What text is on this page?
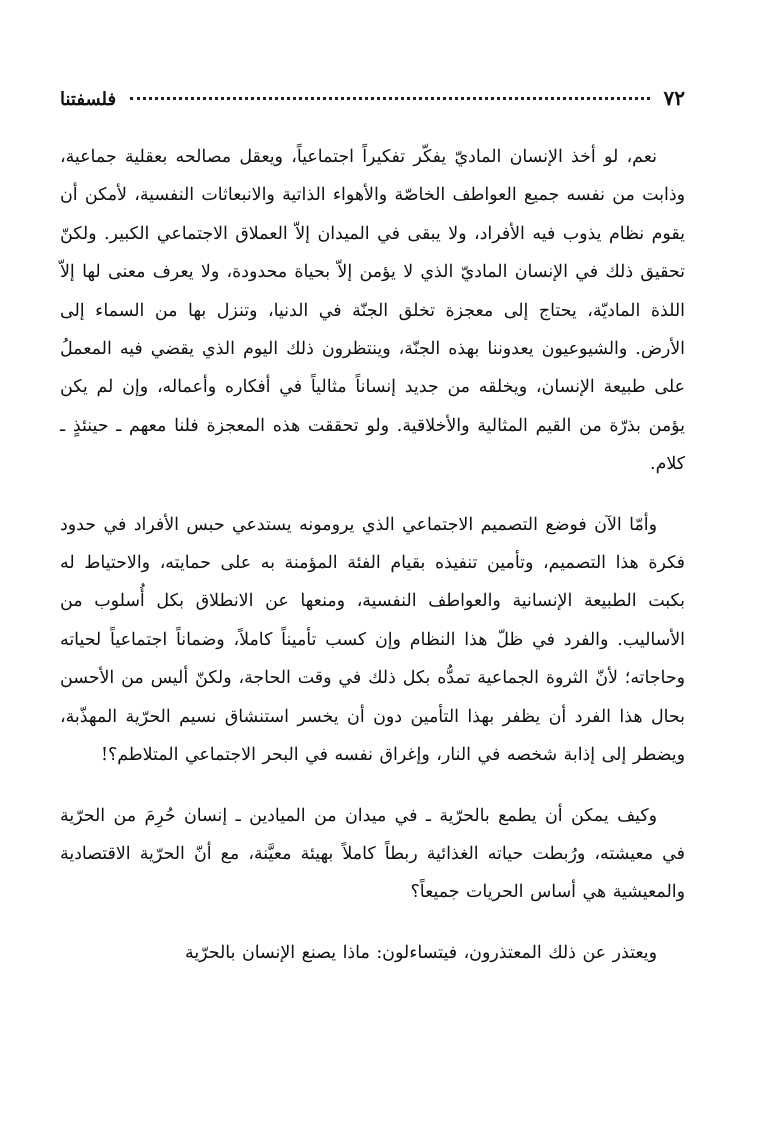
٧٢
فلسفتنا

نعم، لو أخذ الإنسان الماديّ يفكّر تفكيراً اجتماعياً، ويعقل مصالحه بعقلية جماعية، وذابت من نفسه جميع العواطف الخاصّة والأهواء الذاتية والانبعاثات النفسية، لأمكن أن يقوم نظام يذوب فيه الأفراد، ولا يبقى في الميدان إلاّ العملاق الاجتماعي الكبير. ولكنّ تحقيق ذلك في الإنسان الماديّ الذي لا يؤمن إلاّ بحياة محدودة، ولا يعرف معنى لها إلاّ اللذة الماديّة، يحتاج إلى معجزة تخلق الجنّة في الدنيا، وتنزل بها من السماء إلى الأرض. والشيوعيون يعدوننا بهذه الجنّة، وينتظرون ذلك اليوم الذي يقضي فيه المعملُ على طبيعة الإنسان، ويخلقه من جديد إنساناً مثالياً في أفكاره وأعماله، وإن لم يكن يؤمن بذرّة من القيم المثالية والأخلاقية. ولو تحققت هذه المعجزة فلنا معهم ـ حينئذٍ ـ كلام.

وأمّا الآن فوضع التصميم الاجتماعي الذي يرومونه يستدعي حبس الأفراد في حدود فكرة هذا التصميم، وتأمين تنفيذه بقيام الفئة المؤمنة به على حمايته، والاحتياط له بكبت الطبيعة الإنسانية والعواطف النفسية، ومنعها عن الانطلاق بكل أُسلوب من الأساليب. والفرد في ظلّ هذا النظام وإن كسب تأميناً كاملاً، وضماناً اجتماعياً لحياته وحاجاته؛ لأنّ الثروة الجماعية تمدُّه بكل ذلك في وقت الحاجة، ولكنّ أليس من الأحسن بحال هذا الفرد أن يظفر بهذا التأمين دون أن يخسر استنشاق نسيم الحرّية المهذّبة، ويضطر إلى إذابة شخصه في النار، وإغراق نفسه في البحر الاجتماعي المتلاطم؟!

وكيف يمكن أن يطمع بالحرّية ـ في ميدان من الميادين ـ إنسان حُرِمَ من الحرّية في معيشته، ورُبطت حياته الغذائية ربطاً كاملاً بهيئة معيَّنة، مع أنّ الحرّية الاقتصادية والمعيشية هي أساس الحريات جميعاً؟

ويعتذر عن ذلك المعتذرون، فيتساءلون: ماذا يصنع الإنسان بالحرّية
